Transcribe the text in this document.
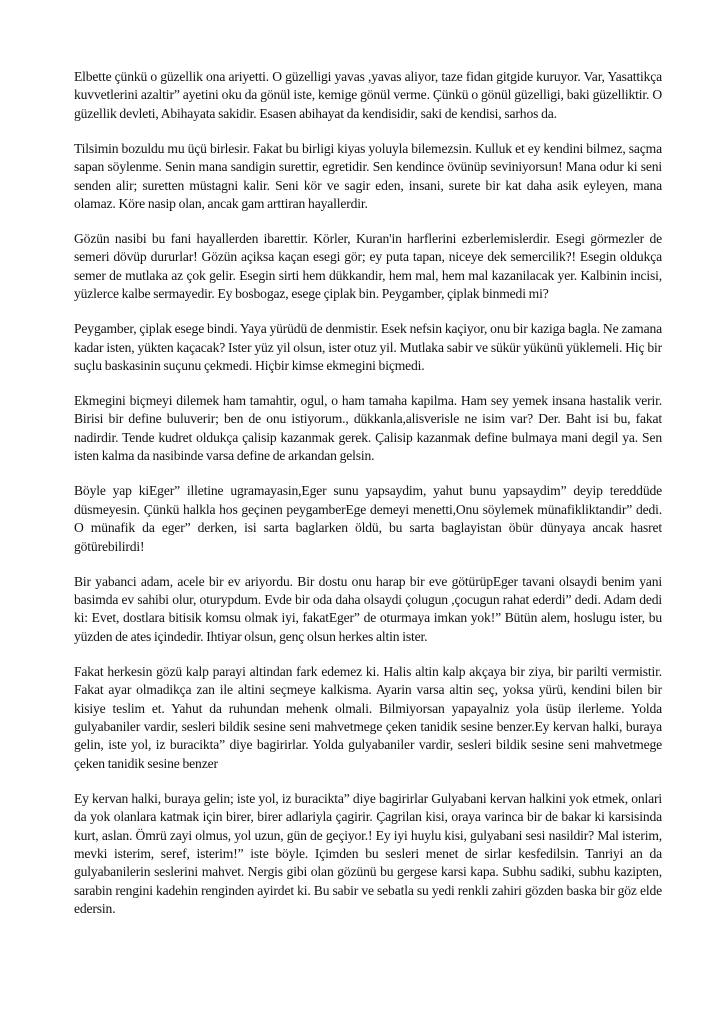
Elbette çünkü o güzellik ona ariyetti. O güzelligi yavas ,yavas aliyor, taze fidan gitgide kuruyor. Var, Yasattikça kuvvetlerini azaltir” ayetini oku da gönül iste, kemige gönül verme. Çünkü o gönül güzelligi, baki güzelliktir. O güzellik devleti, Abihayata sakidir. Esasen abihayat da kendisidir, saki de kendisi, sarhos da.

Tilsimin bozuldu mu üçü birlesir. Fakat bu birligi kiyas yoluyla bilemezsin. Kulluk et ey kendini bilmez, saçma sapan söylenme. Senin mana sandigin surettir, egretidir. Sen kendince övünüp seviniyorsun! Mana odur ki seni senden alir; suretten müstagni kalir. Seni kör ve sagir eden, insani, surete bir kat daha asik eyleyen, mana olamaz. Köre nasip olan, ancak gam arttiran hayallerdir.

Gözün nasibi bu fani hayallerden ibarettir. Körler, Kuran'in harflerini ezberlemislerdir. Esegi görmezler de semeri dövüp dururlar! Gözün açiksa kaçan esegi gör; ey puta tapan, niceye dek semercilik?! Esegin oldukça semer de mutlaka az çok gelir. Esegin sirti hem dükkandir, hem mal, hem mal kazanilacak yer. Kalbinin incisi, yüzlerce kalbe sermayedir. Ey bosbogaz, esege çiplak bin. Peygamber, çiplak binmedi mi?

Peygamber, çiplak esege bindi. Yaya yürüdü de denmistir. Esek nefsin kaçiyor, onu bir kaziga bagla. Ne zamana kadar isten, yükten kaçacak? Ister yüz yil olsun, ister otuz yil. Mutlaka sabir ve sükür yükünü yüklemeli. Hiç bir suçlu baskasinin suçunu çekmedi. Hiçbir kimse ekmegini biçmedi.

Ekmegini biçmeyi dilemek ham tamahtir, ogul, o ham tamaha kapilma. Ham sey yemek insana hastalik verir. Birisi bir define buluverir; ben de onu istiyorum., dükkanla,alisverisle ne isim var? Der. Baht isi bu, fakat nadirdir. Tende kudret oldukça çalisip kazanmak gerek. Çalisip kazanmak define bulmaya mani degil ya. Sen isten kalma da nasibinde varsa define de arkandan gelsin.

Böyle yap kiEger” illetine ugramayasin,Eger sunu yapsaydim, yahut bunu yapsaydim” deyip tereddüde düsmeyesin. Çünkü halkla hos geçinen peygamberEge demeyi menetti,Onu söylemek münafikliktandir” dedi. O münafik da eger” derken, isi sarta baglarken öldü, bu sarta baglayistan öbür dünyaya ancak hasret götürebilirdi!

Bir yabanci adam, acele bir ev ariyordu. Bir dostu onu harap bir eve götürüpEger tavani olsaydi benim yani basimda ev sahibi olur, oturурdum. Evde bir oda daha olsaydi çolugun ,çocugun rahat ederdi” dedi. Adam dedi ki: Evet, dostlara bitisik komsu olmak iyi, fakatEger” de oturmaya imkan yok!” Bütün alem, hoslugu ister, bu yüzden de ates içindedir. Ihtiyar olsun, genç olsun herkes altin ister.

Fakat herkesin gözü kalp parayi altindan fark edemez ki. Halis altin kalp akçaya bir ziya, bir parilti vermistir. Fakat ayar olmadikça zan ile altini seçmeye kalkisma. Ayarin varsa altin seç, yoksa yürü, kendini bilen bir kisiye teslim et. Yahut da ruhundan mehenk olmali. Bilmiyorsan yapayalniz yola üsüp ilerleme. Yolda gulyabaniler vardir, sesleri bildik sesine seni mahvetmege çeken tanidik sesine benzer.Ey kervan halki, buraya gelin, iste yol, iz buracikta” diye bagirirlar. Yolda gulyabaniler vardir, sesleri bildik sesine seni mahvetmege çeken tanidik sesine benzer

Ey kervan halki, buraya gelin; iste yol, iz buracikta” diye bagirirlar Gulyabani kervan halkini yok etmek, onlari da yok olanlara katmak için birer, birer adlariyla çagirir. Çagrilan kisi, oraya varinca bir de bakar ki karsisinda kurt, aslan. Ömrü zayi olmus, yol uzun, gün de geçiyor.! Ey iyi huylu kisi, gulyabani sesi nasildir? Mal isterim, mevki isterim, seref, isterim!” iste böyle. Içimden bu sesleri menet de sirlar kesfedilsin. Tanriyi an da gulyabanilerin seslerini mahvet. Nergis gibi olan gözünü bu gergese karsi kapa. Subhu sadiki, subhu kazipten, sarabin rengini kadehin renginden ayirdet ki. Bu sabir ve sebatla su yedi renkli zahiri gözden baska bir göz elde edersin.
